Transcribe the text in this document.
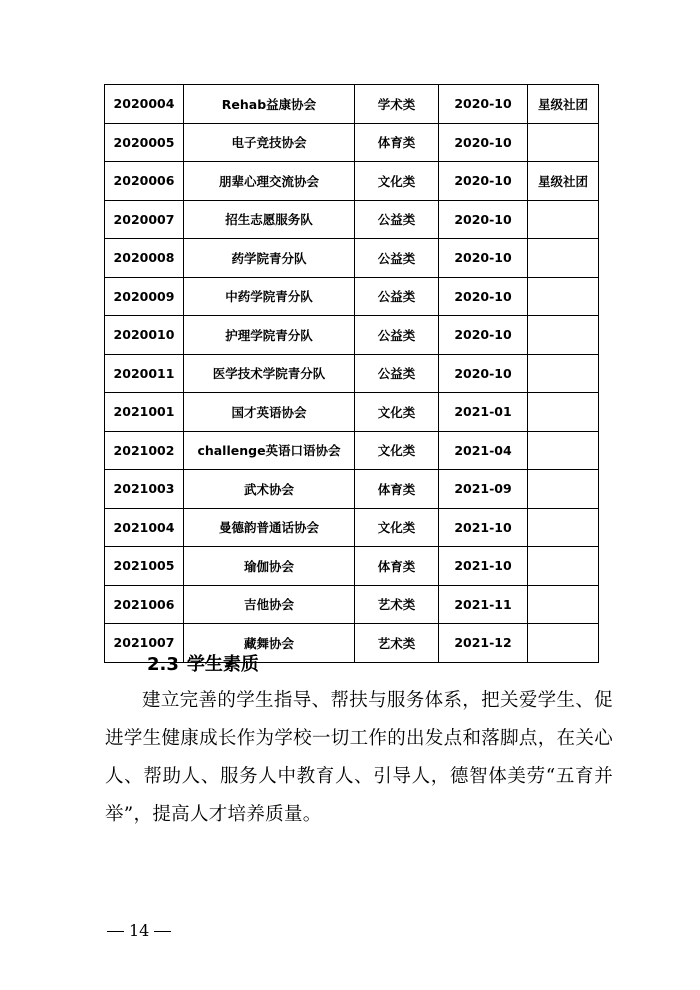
2020004	Rehab益康协会	学术类	2020-10	星级社团
2020005	电子竞技协会	体育类	2020-10	
2020006	朋辈心理交流协会	文化类	2020-10	星级社团
2020007	招生志愿服务队	公益类	2020-10	
2020008	药学院青分队	公益类	2020-10	
2020009	中药学院青分队	公益类	2020-10	
2020010	护理学院青分队	公益类	2020-10	
2020011	医学技术学院青分队	公益类	2020-10	
2021001	国才英语协会	文化类	2021-01	
2021002	challenge英语口语协会	文化类	2021-04	
2021003	武术协会	体育类	2021-09	
2021004	曼德韵普通话协会	文化类	2021-10	
2021005	瑜伽协会	体育类	2021-10	
2021006	吉他协会	艺术类	2021-11	
2021007	藏舞协会	艺术类	2021-12	
2.3 学生素质

建立完善的学生指导、帮扶与服务体系，把关爱学生、促进学生健康成长作为学校一切工作的出发点和落脚点，在关心人、帮助人、服务人中教育人、引导人，德智体美劳“五育并举”，提高人才培养质量。

14
